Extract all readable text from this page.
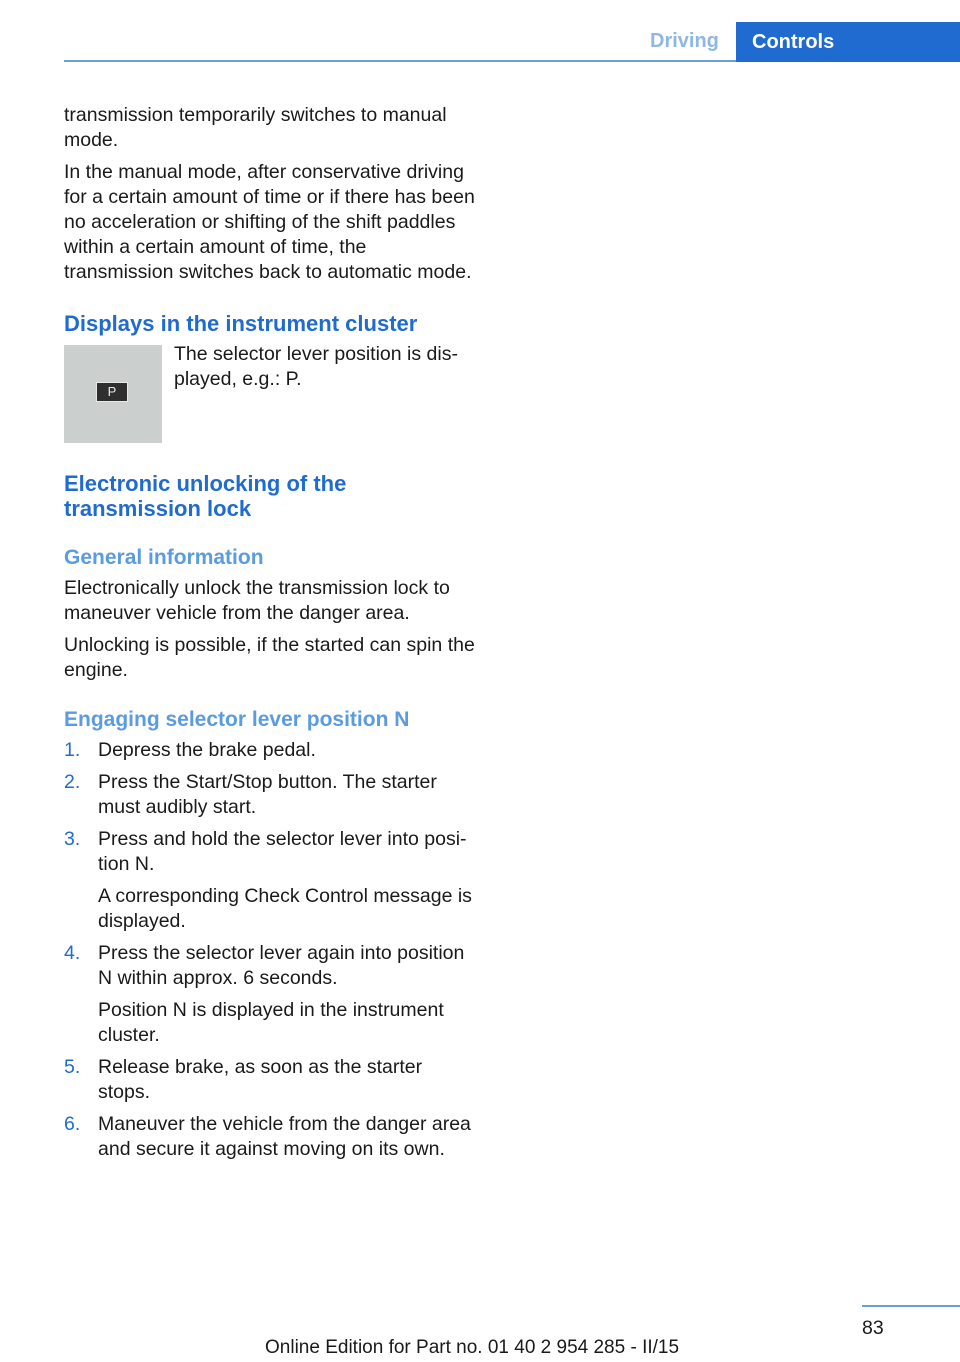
Driving	Controls

transmission temporarily switches to manual mode.

In the manual mode, after conservative driving for a certain amount of time or if there has been no acceleration or shifting of the shift paddles within a certain amount of time, the transmission switches back to automatic mode.

Displays in the instrument cluster
P
The selector lever position is displayed, e.g.: P.
Electronic unlocking of the transmission lock
General information

Electronically unlock the transmission lock to maneuver vehicle from the danger area.

Unlocking is possible, if the started can spin the engine.

Engaging selector lever position N
1. Depress the brake pedal.

2. Press the Start/Stop button. The starter must audibly start.

3. Press and hold the selector lever into position N.

A corresponding Check Control message is displayed.

4. Press the selector lever again into position N within approx. 6 seconds.

Position N is displayed in the instrument cluster.

5. Release brake, as soon as the starter stops.

6. Maneuver the vehicle from the danger area and secure it against moving on its own.

83
Online Edition for Part no. 01 40 2 954 285 - II/15
